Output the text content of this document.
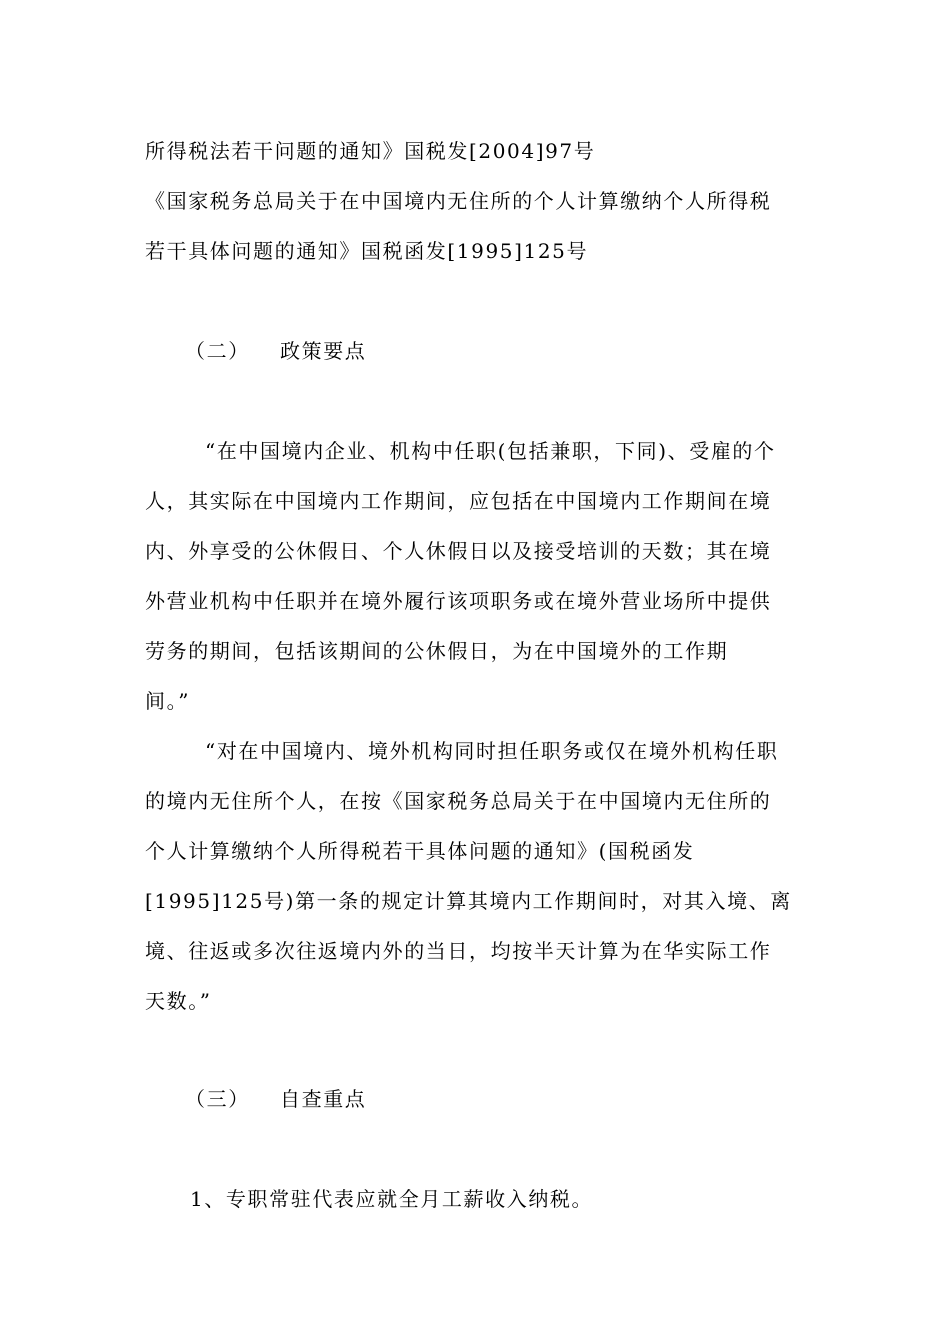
所得税法若干问题的通知》国税发[2004]97号
《国家税务总局关于在中国境内无住所的个人计算缴纳个人所得税
若干具体问题的通知》国税函发[1995]125号
（二） 政策要点
“在中国境内企业、机构中任职(包括兼职，下同)、受雇的个
人，其实际在中国境内工作期间，应包括在中国境内工作期间在境
内、外享受的公休假日、个人休假日以及接受培训的天数；其在境
外营业机构中任职并在境外履行该项职务或在境外营业场所中提供
劳务的期间，包括该期间的公休假日，为在中国境外的工作期
间。”
“对在中国境内、境外机构同时担任职务或仅在境外机构任职
的境内无住所个人，在按《国家税务总局关于在中国境内无住所的
个人计算缴纳个人所得税若干具体问题的通知》(国税函发
[1995]125号)第一条的规定计算其境内工作期间时，对其入境、离
境、往返或多次往返境内外的当日，均按半天计算为在华实际工作
天数。”
（三） 自查重点
1、专职常驻代表应就全月工薪收入纳税。
